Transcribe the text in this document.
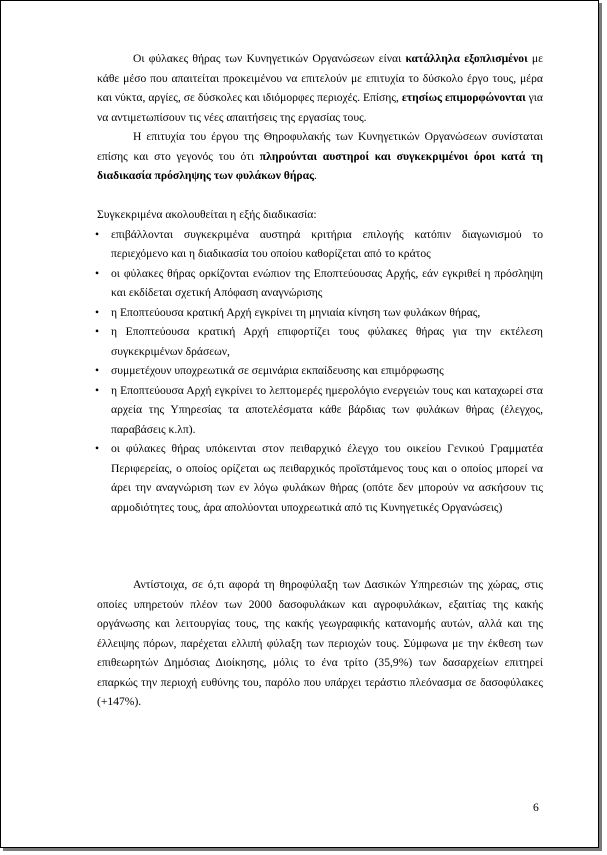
Οι φύλακες θήρας των Κυνηγετικών Οργανώσεων είναι κατάλληλα εξοπλισμένοι με κάθε μέσο που απαιτείται προκειμένου να επιτελούν με επιτυχία το δύσκολο έργο τους, μέρα και νύκτα, αργίες, σε δύσκολες και ιδιόμορφες περιοχές. Επίσης, ετησίως επιμορφώνονται για να αντιμετωπίσουν τις νέες απαιτήσεις της εργασίας τους.

Η επιτυχία του έργου της Θηροφυλακής των Κυνηγετικών Οργανώσεων συνίσταται επίσης και στο γεγονός του ότι πληρούνται αυστηροί και συγκεκριμένοι όροι κατά τη διαδικασία πρόσληψης των φυλάκων θήρας.

Συγκεκριμένα ακολουθείται η εξής διαδικασία:

• επιβάλλονται συγκεκριμένα αυστηρά κριτήρια επιλογής κατόπιν διαγωνισμού το περιεχόμενο και η διαδικασία του οποίου καθορίζεται από το κράτος
• οι φύλακες θήρας ορκίζονται ενώπιον της Εποπτεύουσας Αρχής, εάν εγκριθεί η πρόσληψη και εκδίδεται σχετική Απόφαση αναγνώρισης
• η Εποπτεύουσα κρατική Αρχή εγκρίνει τη μηνιαία κίνηση των φυλάκων θήρας,
• η Εποπτεύουσα κρατική Αρχή επιφορτίζει τους φύλακες θήρας για την εκτέλεση συγκεκριμένων δράσεων,
• συμμετέχουν υποχρεωτικά σε σεμινάρια εκπαίδευσης και επιμόρφωσης
• η Εποπτεύουσα Αρχή εγκρίνει το λεπτομερές ημερολόγιο ενεργειών τους και καταχωρεί στα αρχεία της Υπηρεσίας τα αποτελέσματα κάθε βάρδιας των φυλάκων θήρας (έλεγχος, παραβάσεις κ.λπ).
• οι φύλακες θήρας υπόκεινται στον πειθαρχικό έλεγχο του οικείου Γενικού Γραμματέα Περιφερείας, ο οποίος ορίζεται ως πειθαρχικός προϊστάμενος τους και ο οποίος μπορεί να άρει την αναγνώριση των εν λόγω φυλάκων θήρας (οπότε δεν μπορούν να ασκήσουν τις αρμοδιότητες τους, άρα απολύονται υποχρεωτικά από τις Κυνηγετικές Οργανώσεις)

Αντίστοιχα, σε ό,τι αφορά τη θηροφύλαξη των Δασικών Υπηρεσιών της χώρας, στις οποίες υπηρετούν πλέον των 2000 δασοφυλάκων και αγροφυλάκων, εξαιτίας της κακής οργάνωσης και λειτουργίας τους, της κακής γεωγραφικής κατανομής αυτών, αλλά και της έλλειψης πόρων, παρέχεται ελλιπή φύλαξη των περιοχών τους. Σύμφωνα με την έκθεση των επιθεωρητών Δημόσιας Διοίκησης, μόλις το ένα τρίτο (35,9%) των δασαρχείων επιτηρεί επαρκώς την περιοχή ευθύνης του, παρόλο που υπάρχει τεράστιο πλεόνασμα σε δασοφύλακες (+147%).

6
